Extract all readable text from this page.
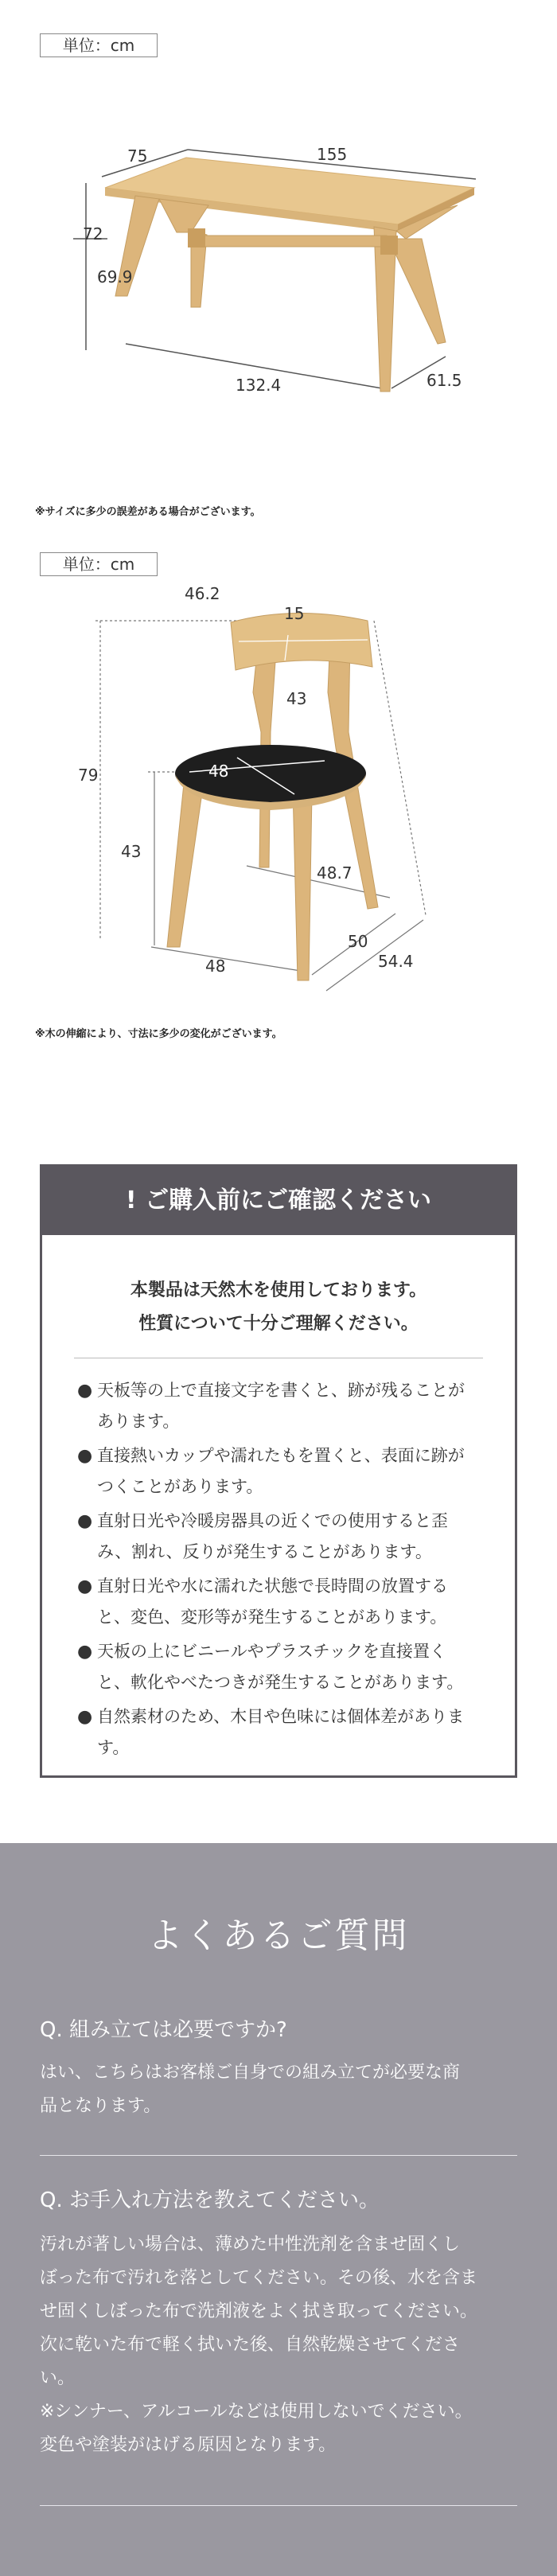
単位：cm
75	155
72
69.9
132.4	61.5
※サイズに多少の誤差がある場合がございます。
単位：cm
15
46.2
79
43
48
43
48.7
48
50
54.4
※木の伸縮により、寸法に多少の変化がございます。
! ご購入前にご確認ください
本製品は天然木を使用しております。
性質について十分ご理解ください。
● 天板等の上で直接文字を書くと、跡が残ることが
あります。
● 直接熱いカップや濡れたもを置くと、表面に跡が
つくことがあります。
● 直射日光や冷暖房器具の近くでの使用すると歪
み、割れ、反りが発生することがあります。
● 直射日光や水に濡れた状態で長時間の放置する
と、変色、変形等が発生することがあります。
● 天板の上にビニールやプラスチックを直接置く
と、軟化やべたつきが発生することがあります。
● 自然素材のため、木目や色味には個体差がありま
す。
よくあるご質問
Q. 組み立ては必要ですか?
はい、こちらはお客様ご自身での組み立てが必要な商
品となります。
Q. お手入れ方法を教えてください。
汚れが著しい場合は、薄めた中性洗剤を含ませ固くし
ぼった布で汚れを落としてください。その後、水を含ま
せ固くしぼった布で洗剤液をよく拭き取ってください。
次に乾いた布で軽く拭いた後、自然乾燥させてくださ
い。
※シンナー、アルコールなどは使用しないでください。
変色や塗装がはげる原因となります。
